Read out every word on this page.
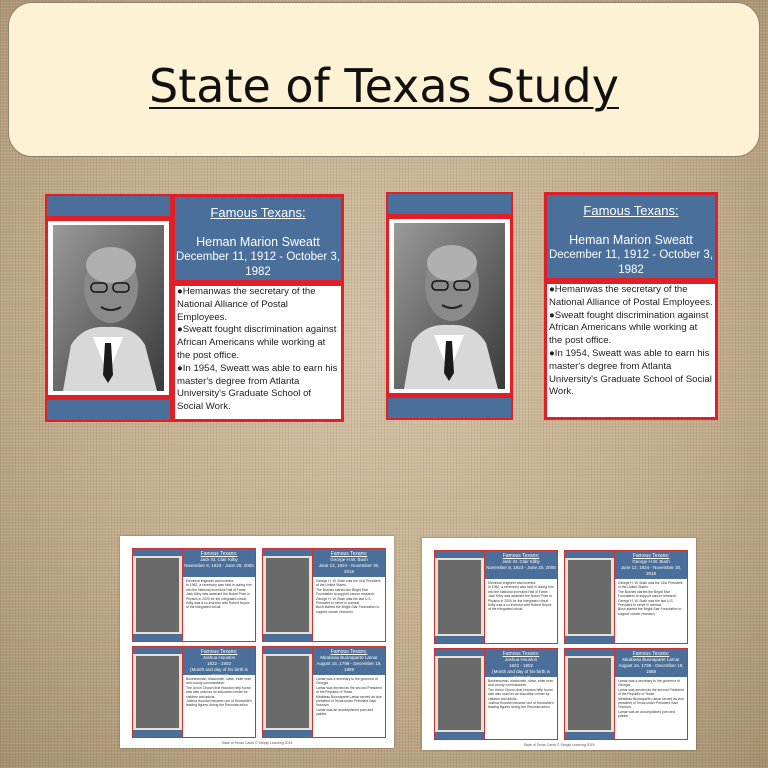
State of Texas Study
Famous Texans:
Heman Marion Sweatt
December 11, 1912 - October 3, 1982

●Hemanwas the secretary of the National Alliance of Postal Employees.

●Sweatt fought discrimination against African Americans while working at the post office.

●In 1954, Sweatt was able to earn his master's degree from Atlanta University's Graduate School of Social Work.

Famous Texans:
Heman Marion Sweatt
December 11, 1912 - October 3, 1982

●Hemanwas the secretary of the National Alliance of Postal Employees.

●Sweatt fought discrimination against African Americans while working at the post office.

●In 1954, Sweatt was able to earn his master's degree from Atlanta University's Graduate School of Social Work.

Famous Texans:
Jack St. Clair Kilby
November 8, 1923 - June 20, 2005
Electrical engineer and inventor.
In 1982, a ceremony was held in during him into the National Inventors Hall of Fame.
Jack Kilby was awarded the Nobel Prize in Physics in 2000 for the integrated circuit.
Kilby was a co-inventor with Robert Noyce of the integrated circuit.
Famous Texans:
George H.W. Bush
June 12, 1924 - November 30, 2018
George H. W. Bush was the 41st President of the United States.
The Bushes started the Bright Star Foundation to support cancer research.
George H. W. Bush was the last U.S. President to serve in combat.
Bush started the Bright Star Foundation to support cancer research.
Famous Texans:
Joshua Houston
1822 - 1902
(Month and day of his birth is unknown)
Businessman, blacksmith, slave, elder man, and county commissioner.
The Union Church that Houston help found was also used as an education center for children and adults.
Joshua Houston became one of Huntsville's leading figures during the Reconstruction.
Famous Texans:
Mirabeau Buonaparte Lamar
August 16, 1798 - December 19, 1859
Lamar was a secretary to the governor of Georgia.
Lamar was elected as the second President of the Republic of Texas.
Mirabeau Buonaparte Lamar served as vice president of Texas under President Sam Houston.
Lamar was an accomplished poet and painter.
State of Texas Cards © Simply Learning 2015
Famous Texans:
Jack St. Clair Kilby
November 8, 1923 - June 20, 2005
Electrical engineer and inventor.
In 1982, a ceremony was held in during him into the National Inventors Hall of Fame.
Jack Kilby was awarded the Nobel Prize in Physics in 2000 for the integrated circuit.
Kilby was a co-inventor with Robert Noyce of the integrated circuit.
Famous Texans:
George H.W. Bush
June 12, 1924 - November 30, 2018
George H. W. Bush was the 41st President of the United States.
The Bushes started the Bright Star Foundation to support cancer research.
George H. W. Bush was the last U.S. President to serve in combat.
Bush started the Bright Star Foundation to support cancer research.
Famous Texans:
Joshua Houston
1822 - 1902
(Month and day of his birth is unknown)
Businessman, blacksmith, slave, elder man, and county commissioner.
The Union Church that Houston help found was also used as an education center for children and adults.
Joshua Houston became one of Huntsville's leading figures during the Reconstruction.
Famous Texans:
Mirabeau Buonaparte Lamar
August 16, 1798 - December 19, 1859
Lamar was a secretary to the governor of Georgia.
Lamar was elected as the second President of the Republic of Texas.
Mirabeau Buonaparte Lamar served as vice president of Texas under President Sam Houston.
Lamar was an accomplished poet and painter.
State of Texas Cards © Simply Learning 2015
